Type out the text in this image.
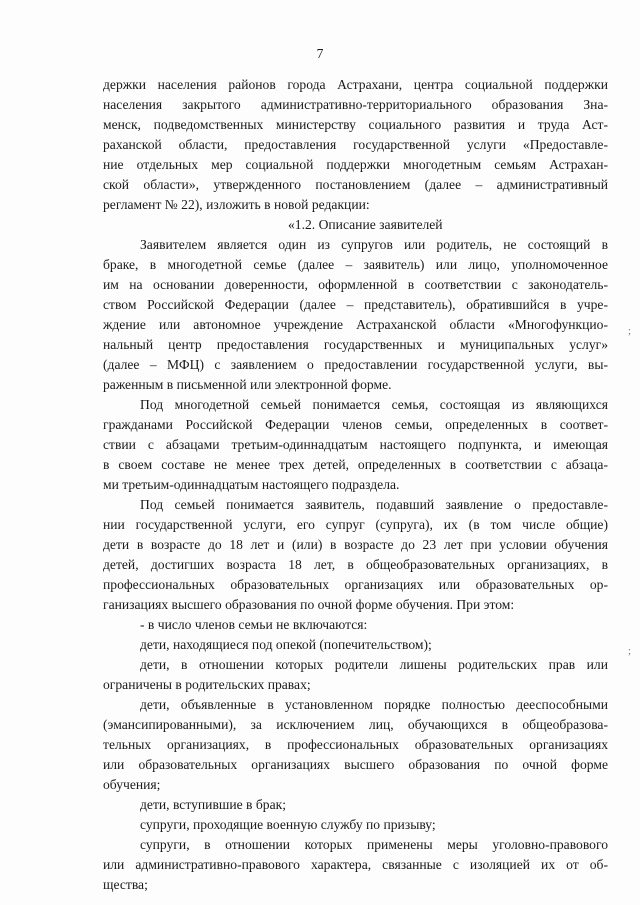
7
держки населения районов города Астрахани, центра социальной поддержки
населения закрытого административно-территориального образования Зна-
менск, подведомственных министерству социального развития и труда Аст-
раханской области, предоставления государственной услуги «Предоставле-
ние отдельных мер социальной поддержки многодетным семьям Астрахан-
ской области», утвержденного постановлением (далее – административный
регламент № 22), изложить в новой редакции:
«1.2. Описание заявителей
Заявителем является один из супругов или родитель, не состоящий в
браке, в многодетной семье (далее – заявитель) или лицо, уполномоченное
им на основании доверенности, оформленной в соответствии с законодатель-
ством Российской Федерации (далее – представитель), обратившийся в учре-
ждение или автономное учреждение Астраханской области «Многофункцио-
нальный центр предоставления государственных и муниципальных услуг»
(далее – МФЦ) с заявлением о предоставлении государственной услуги, вы-
раженным в письменной или электронной форме.
Под многодетной семьей понимается семья, состоящая из являющихся
гражданами Российской Федерации членов семьи, определенных в соответ-
ствии с абзацами третьим-одиннадцатым настоящего подпункта, и имеющая
в своем составе не менее трех детей, определенных в соответствии с абзаца-
ми третьим-одиннадцатым настоящего подраздела.
Под семьей понимается заявитель, подавший заявление о предоставле-
нии государственной услуги, его супруг (супруга), их (в том числе общие)
дети в возрасте до 18 лет и (или) в возрасте до 23 лет при условии обучения
детей, достигших возраста 18 лет, в общеобразовательных организациях, в
профессиональных образовательных организациях или образовательных ор-
ганизациях высшего образования по очной форме обучения. При этом:
- в число членов семьи не включаются:
дети, находящиеся под опекой (попечительством);
дети, в отношении которых родители лишены родительских прав или
ограничены в родительских правах;
дети, объявленные в установленном порядке полностью дееспособными
(эмансипированными), за исключением лиц, обучающихся в общеобразова-
тельных организациях, в профессиональных образовательных организациях
или образовательных организациях высшего образования по очной форме
обучения;
дети, вступившие в брак;
супруги, проходящие военную службу по призыву;
супруги, в отношении которых применены меры уголовно-правового
или административно-правового характера, связанные с изоляцией их от об-
щества;
;
;
